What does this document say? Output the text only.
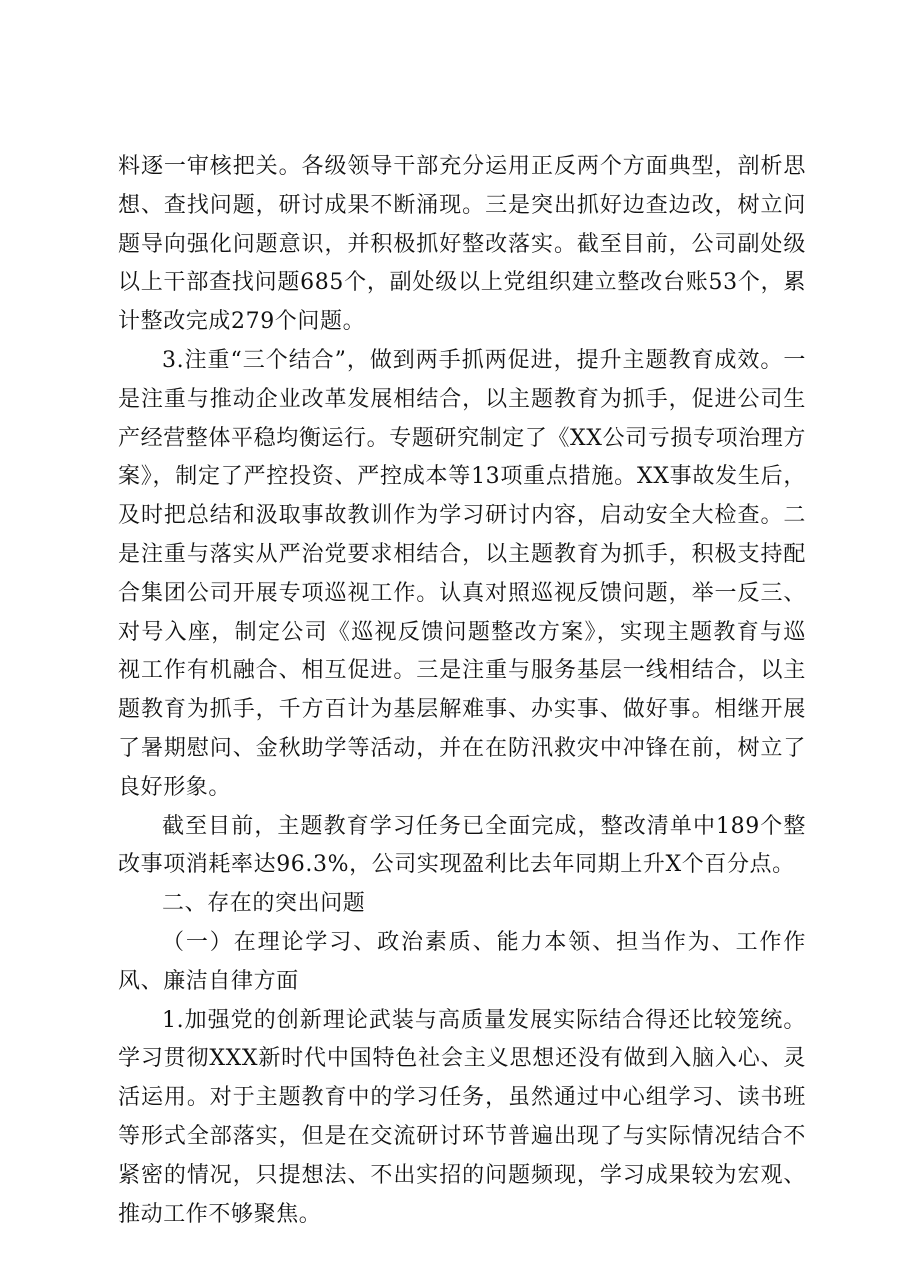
料逐一审核把关。各级领导干部充分运用正反两个方面典型，剖析思想、查找问题，研讨成果不断涌现。三是突出抓好边查边改，树立问题导向强化问题意识，并积极抓好整改落实。截至目前，公司副处级以上干部查找问题685个，副处级以上党组织建立整改台账53个，累计整改完成279个问题。

3.注重“三个结合”，做到两手抓两促进，提升主题教育成效。一是注重与推动企业改革发展相结合，以主题教育为抓手，促进公司生产经营整体平稳均衡运行。专题研究制定了《XX公司亏损专项治理方案》，制定了严控投资、严控成本等13项重点措施。XX事故发生后，及时把总结和汲取事故教训作为学习研讨内容，启动安全大检查。二是注重与落实从严治党要求相结合，以主题教育为抓手，积极支持配合集团公司开展专项巡视工作。认真对照巡视反馈问题，举一反三、对号入座，制定公司《巡视反馈问题整改方案》，实现主题教育与巡视工作有机融合、相互促进。三是注重与服务基层一线相结合，以主题教育为抓手，千方百计为基层解难事、办实事、做好事。相继开展了暑期慰问、金秋助学等活动，并在在防汛救灾中冲锋在前，树立了良好形象。

截至目前，主题教育学习任务已全面完成，整改清单中189个整改事项消耗率达96.3%，公司实现盈利比去年同期上升X个百分点。

二、存在的突出问题

（一）在理论学习、政治素质、能力本领、担当作为、工作作风、廉洁自律方面

1.加强党的创新理论武装与高质量发展实际结合得还比较笼统。学习贯彻XXX新时代中国特色社会主义思想还没有做到入脑入心、灵活运用。对于主题教育中的学习任务，虽然通过中心组学习、读书班等形式全部落实，但是在交流研讨环节普遍出现了与实际情况结合不紧密的情况，只提想法、不出实招的问题频现，学习成果较为宏观、推动工作不够聚焦。
